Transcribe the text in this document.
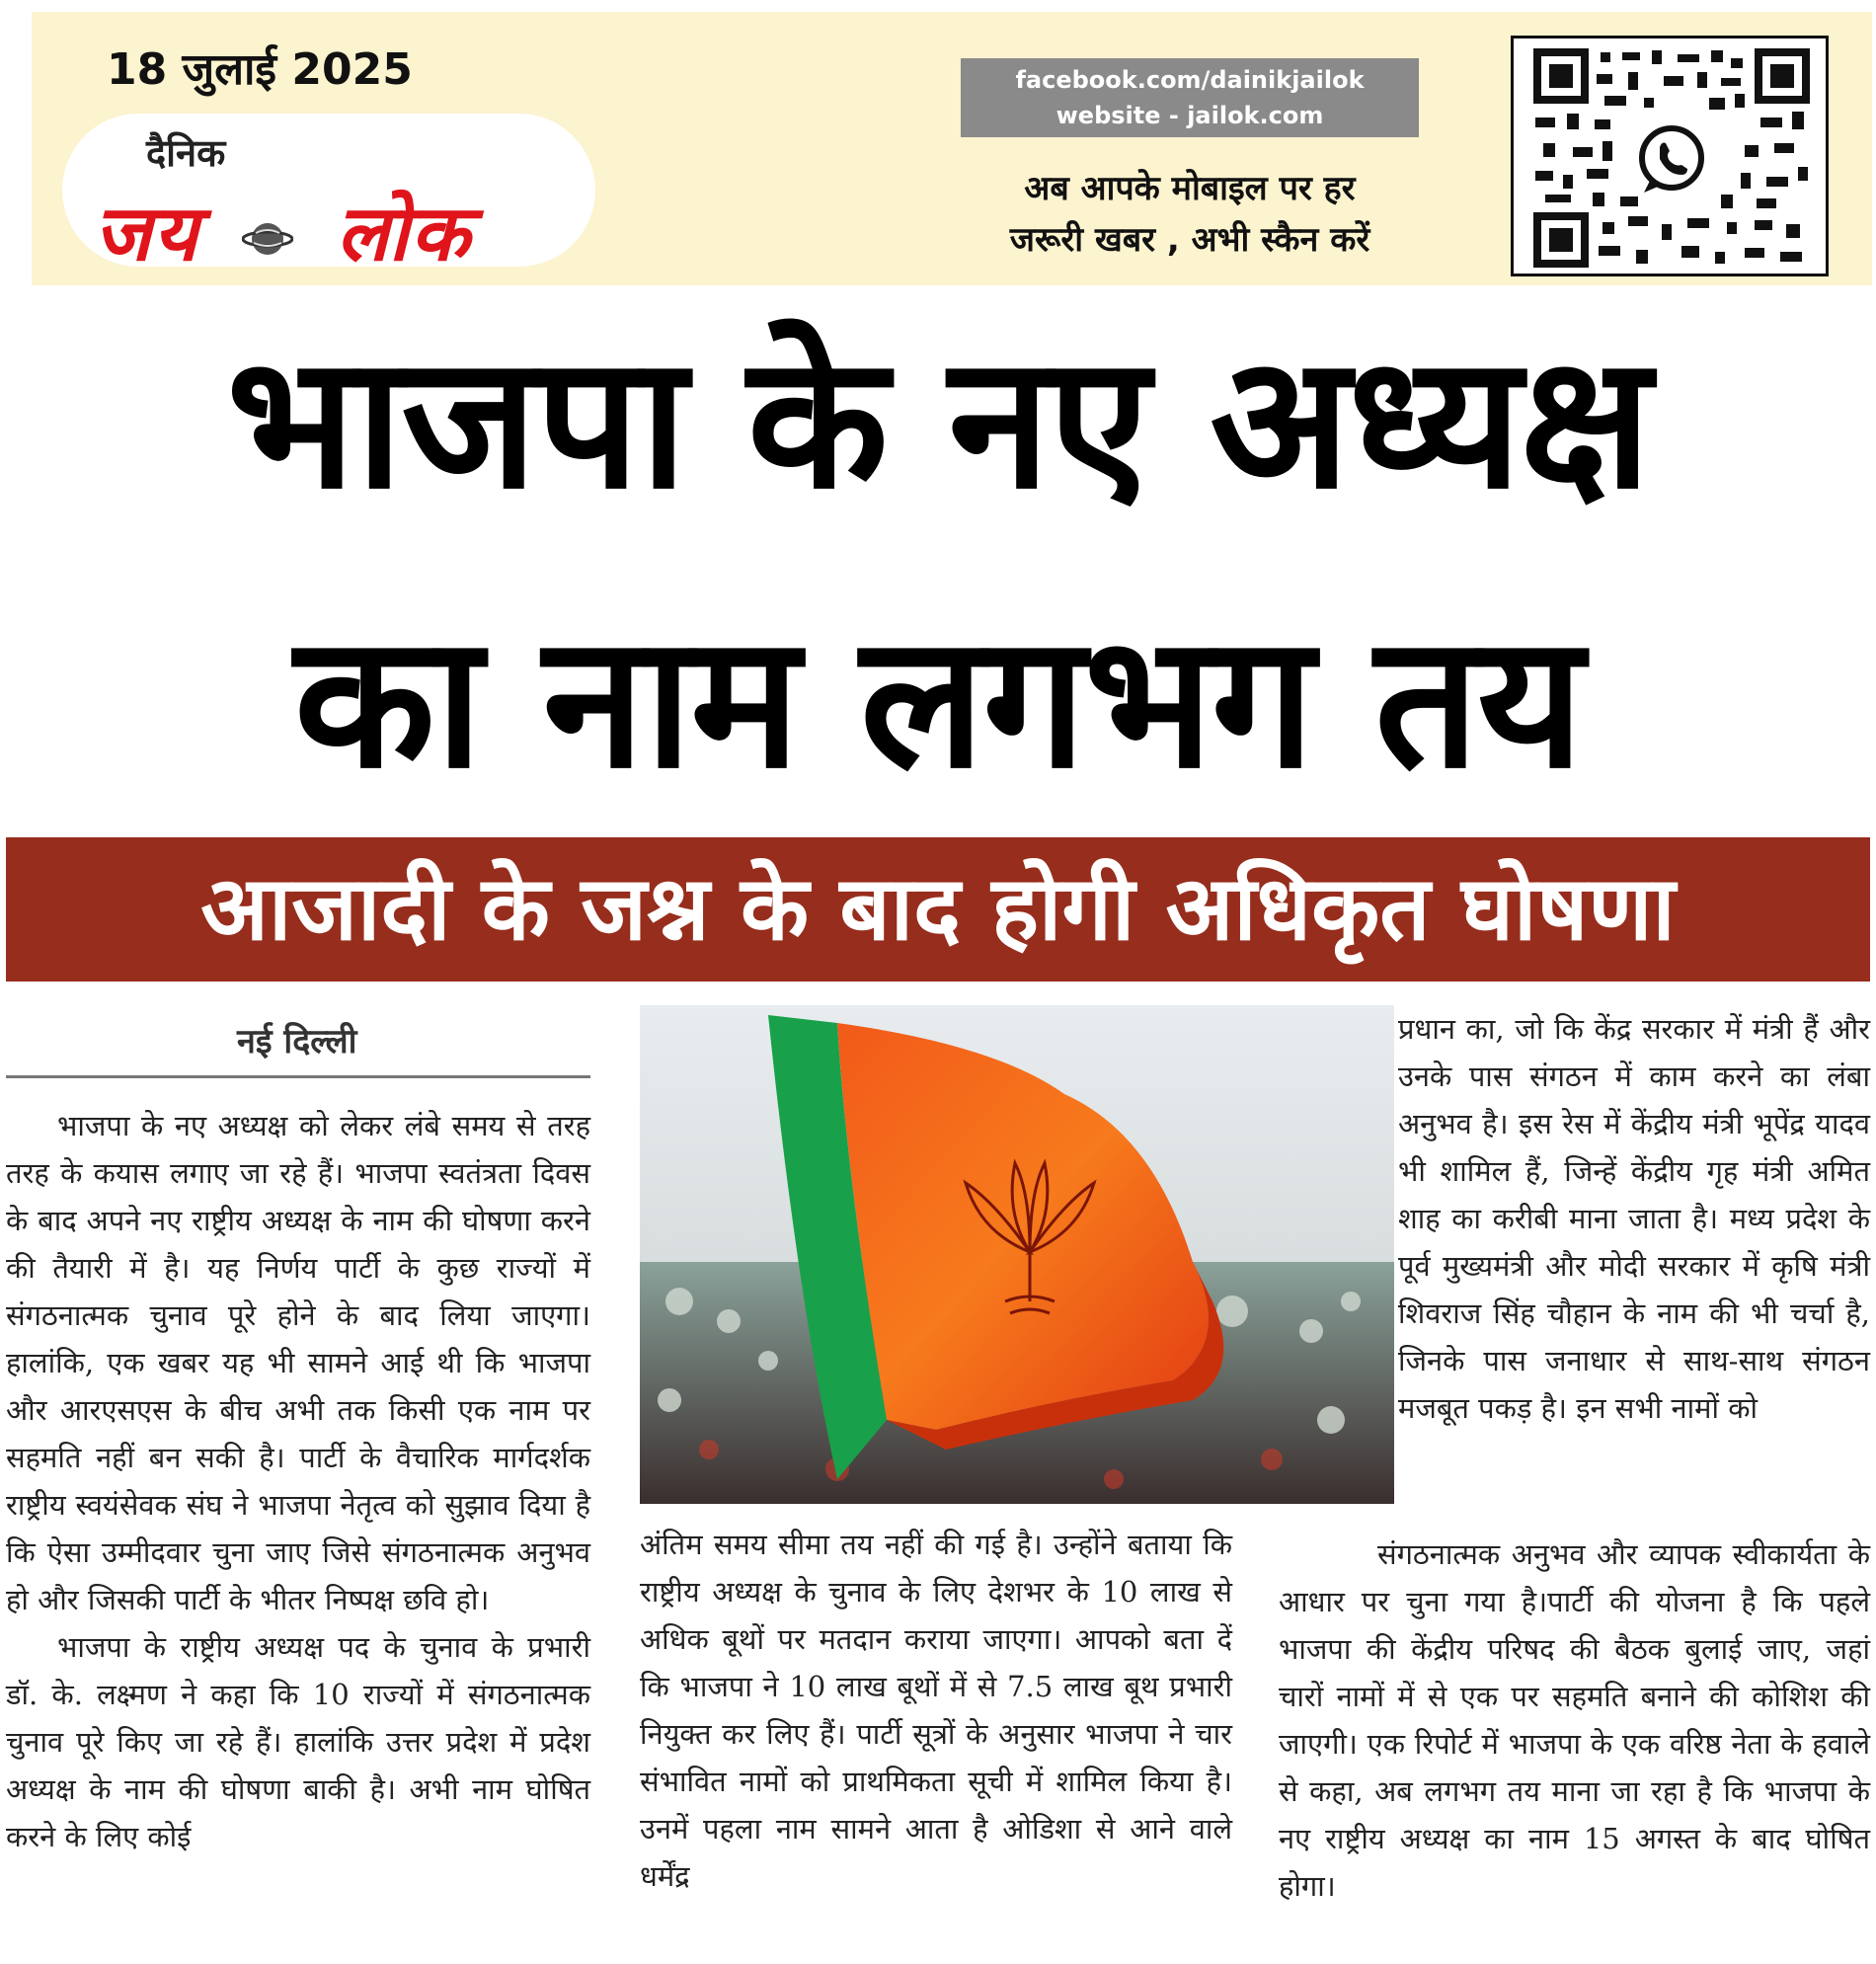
18 जुलाई 2025
दैनिक
जय लोक
facebook.com/dainikjailok
website - jailok.com
अब आपके मोबाइल पर हर
जरूरी खबर , अभी स्कैन करें
भाजपा के नए अध्यक्ष
का नाम लगभग तय
आजादी के जश्न के बाद होगी अधिकृत घोषणा
नई दिल्ली

भाजपा के नए अध्यक्ष को लेकर लंबे समय से तरह तरह के कयास लगाए जा रहे हैं। भाजपा स्वतंत्रता दिवस के बाद अपने नए राष्ट्रीय अध्यक्ष के नाम की घोषणा करने की तैयारी में है। यह निर्णय पार्टी के कुछ राज्यों में संगठनात्मक चुनाव पूरे होने के बाद लिया जाएगा। हालांकि, एक खबर यह भी सामने आई थी कि भाजपा और आरएसएस के बीच अभी तक किसी एक नाम पर सहमति नहीं बन सकी है। पार्टी के वैचारिक मार्गदर्शक राष्ट्रीय स्वयंसेवक संघ ने भाजपा नेतृत्व को सुझाव दिया है कि ऐसा उम्मीदवार चुना जाए जिसे संगठनात्मक अनुभव हो और जिसकी पार्टी के भीतर निष्पक्ष छवि हो।

भाजपा के राष्ट्रीय अध्यक्ष पद के चुनाव के प्रभारी डॉ. के. लक्ष्मण ने कहा कि 10 राज्यों में संगठनात्मक चुनाव पूरे किए जा रहे हैं। हालांकि उत्तर प्रदेश में प्रदेश अध्यक्ष के नाम की घोषणा बाकी है। अभी नाम घोषित करने के लिए कोई

अंतिम समय सीमा तय नहीं की गई है। उन्होंने बताया कि राष्ट्रीय अध्यक्ष के चुनाव के लिए देशभर के 10 लाख से अधिक बूथों पर मतदान कराया जाएगा। आपको बता दें कि भाजपा ने 10 लाख बूथों में से 7.5 लाख बूथ प्रभारी नियुक्त कर लिए हैं। पार्टी सूत्रों के अनुसार भाजपा ने चार संभावित नामों को प्राथमिकता सूची में शामिल किया है। उनमें पहला नाम सामने आता है ओडिशा से आने वाले धर्मेंद्र

प्रधान का, जो कि केंद्र सरकार में मंत्री हैं और उनके पास संगठन में काम करने का लंबा अनुभव है। इस रेस में केंद्रीय मंत्री भूपेंद्र यादव भी शामिल हैं, जिन्हें केंद्रीय गृह मंत्री अमित शाह का करीबी माना जाता है। मध्य प्रदेश के पूर्व मुख्यमंत्री और मोदी सरकार में कृषि मंत्री शिवराज सिंह चौहान के नाम की भी चर्चा है, जिनके पास जनाधार से साथ-साथ संगठन मजबूत पकड़ है। इन सभी नामों को

संगठनात्मक अनुभव और व्यापक स्वीकार्यता के आधार पर चुना गया है।पार्टी की योजना है कि पहले भाजपा की केंद्रीय परिषद की बैठक बुलाई जाए, जहां चारों नामों में से एक पर सहमति बनाने की कोशिश की जाएगी। एक रिपोर्ट में भाजपा के एक वरिष्ठ नेता के हवाले से कहा, अब लगभग तय माना जा रहा है कि भाजपा के नए राष्ट्रीय अध्यक्ष का नाम 15 अगस्त के बाद घोषित होगा।
